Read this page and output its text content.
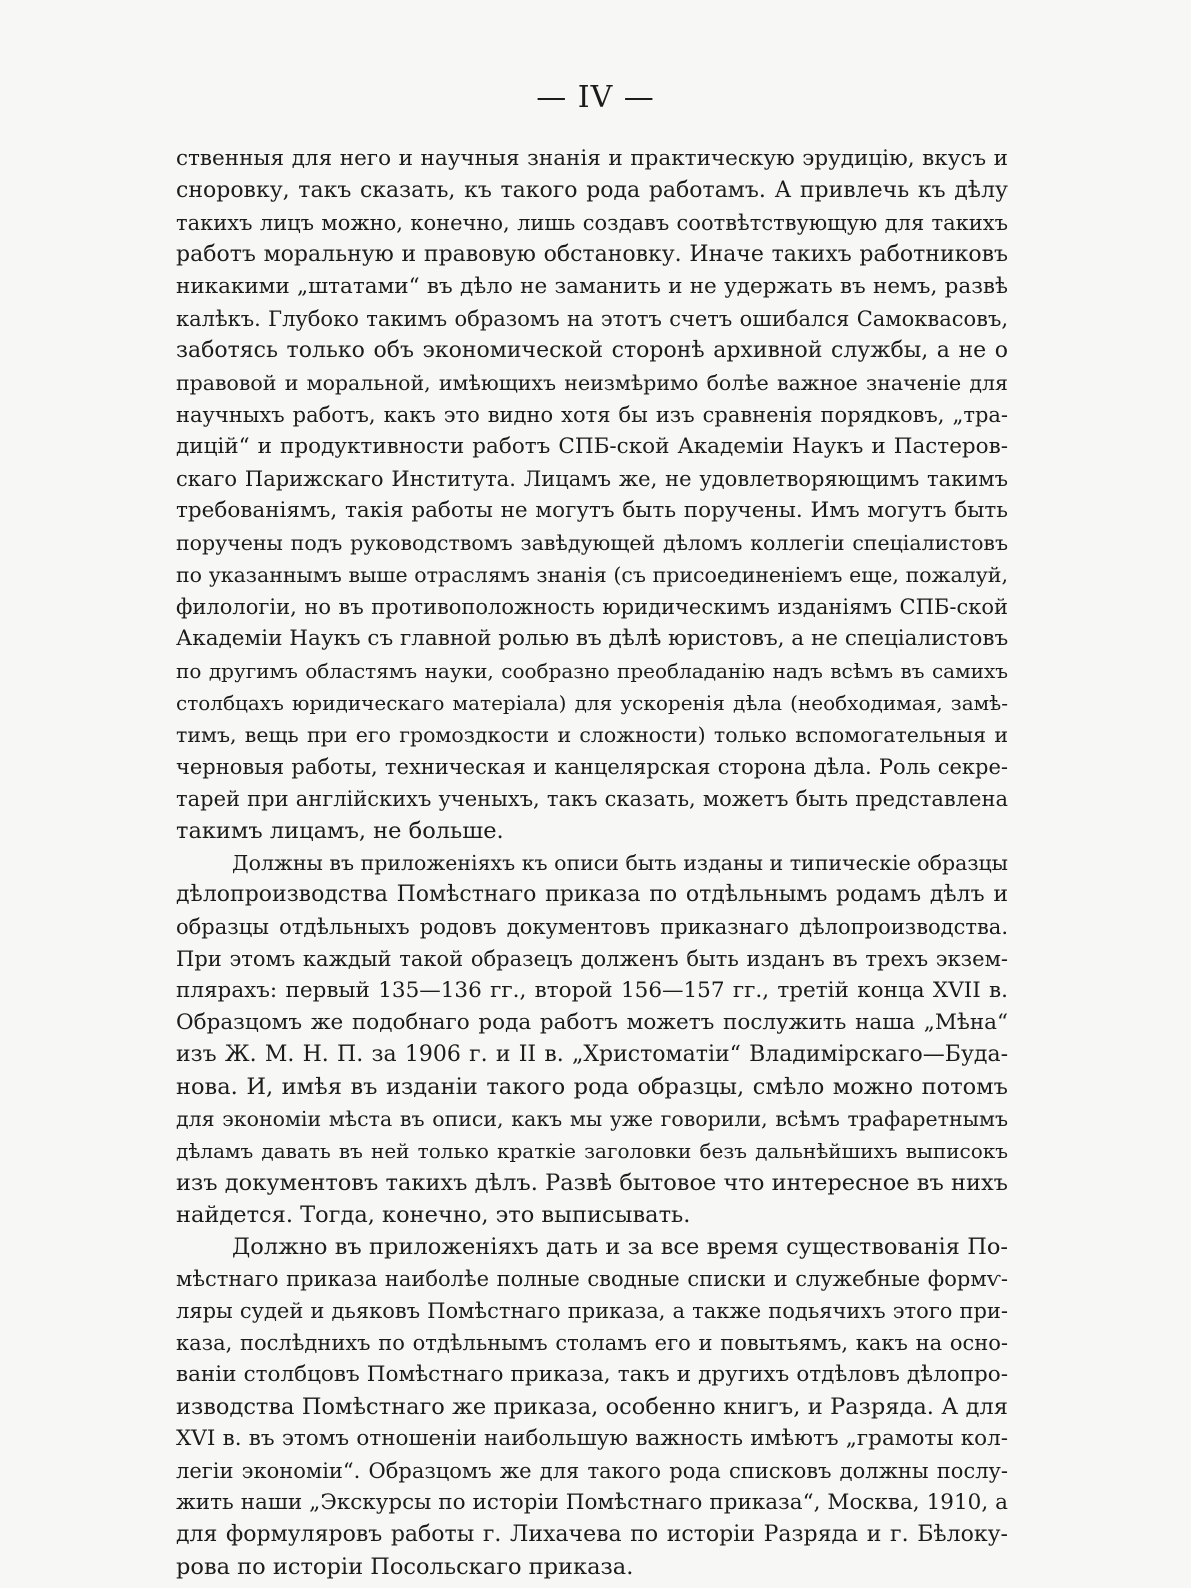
— IV —
ственныя для него и научныя знанія и практическую эрудицію, вкусъ и
сноровку, такъ сказать, къ такого рода работамъ. А привлечь къ дѣлу
такихъ лицъ можно, конечно, лишь создавъ соотвѣтствующую для такихъ
работъ моральную и правовую обстановку. Иначе такихъ работниковъ
никакими „штатами“ въ дѣло не заманить и не удержать въ немъ, развѣ
калѣкъ. Глубоко такимъ образомъ на этотъ счетъ ошибался Самоквасовъ,
заботясь только объ экономической сторонѣ архивной службы, а не о
правовой и моральной, имѣющихъ неизмѣримо болѣе важное значеніе для
научныхъ работъ, какъ это видно хотя бы изъ сравненія порядковъ, „тра-
дицій“ и продуктивности работъ СПБ-ской Академіи Наукъ и Пастеров-
скаго Парижскаго Института. Лицамъ же, не удовлетворяющимъ такимъ
требованіямъ, такія работы не могутъ быть поручены. Имъ могутъ быть
поручены подъ руководствомъ завѣдующей дѣломъ коллегіи спеціалистовъ
по указаннымъ выше отраслямъ знанія (съ присоединеніемъ еще, пожалуй,
филологіи, но въ противоположность юридическимъ изданіямъ СПБ-ской
Академіи Наукъ съ главной ролью въ дѣлѣ юристовъ, а не спеціалистовъ
по другимъ областямъ науки, сообразно преобладанію надъ всѣмъ въ самихъ
столбцахъ юридическаго матеріала) для ускоренія дѣла (необходимая, замѣ-
тимъ, вещь при его громоздкости и сложности) только вспомогательныя и
черновыя работы, техническая и канцелярская сторона дѣла. Роль секре-
тарей при англійскихъ ученыхъ, такъ сказать, можетъ быть представлена
такимъ лицамъ, не больше.
Должны въ приложеніяхъ къ описи быть изданы и типическіе образцы
дѣлопроизводства Помѣстнаго приказа по отдѣльнымъ родамъ дѣлъ и
образцы отдѣльныхъ родовъ документовъ приказнаго дѣлопроизводства.
При этомъ каждый такой образецъ долженъ быть изданъ въ трехъ экзем-
плярахъ: первый 135—136 гг., второй 156—157 гг., третій конца XVII в.
Образцомъ же подобнаго рода работъ можетъ послужить наша „Мѣна“
изъ Ж. М. Н. П. за 1906 г. и II в. „Христоматіи“ Владимірскаго—Буда-
нова. И, имѣя въ изданіи такого рода образцы, смѣло можно потомъ
для экономіи мѣста въ описи, какъ мы уже говорили, всѣмъ трафаретнымъ
дѣламъ давать въ ней только краткіе заголовки безъ дальнѣйшихъ выписокъ
изъ документовъ такихъ дѣлъ. Развѣ бытовое что интересное въ нихъ
найдется. Тогда, конечно, это выписывать.
Должно въ приложеніяхъ дать и за все время существованія По-
мѣстнаго приказа наиболѣе полные сводные списки и служебные формѵ-
ляры судей и дьяковъ Помѣстнаго приказа, а также подьячихъ этого при-
каза, послѣднихъ по отдѣльнымъ столамъ его и повытьямъ, какъ на осно-
ваніи столбцовъ Помѣстнаго приказа, такъ и другихъ отдѣловъ дѣлопро-
изводства Помѣстнаго же приказа, особенно книгъ, и Разряда. А для
XVI в. въ этомъ отношеніи наибольшую важность имѣютъ „грамоты кол-
легіи экономіи“. Образцомъ же для такого рода списковъ должны послу-
жить наши „Экскурсы по исторіи Помѣстнаго приказа“, Москва, 1910, а
для формуляровъ работы г. Лихачева по исторіи Разряда и г. Бѣлоку-
рова по исторіи Посольскаго приказа.
